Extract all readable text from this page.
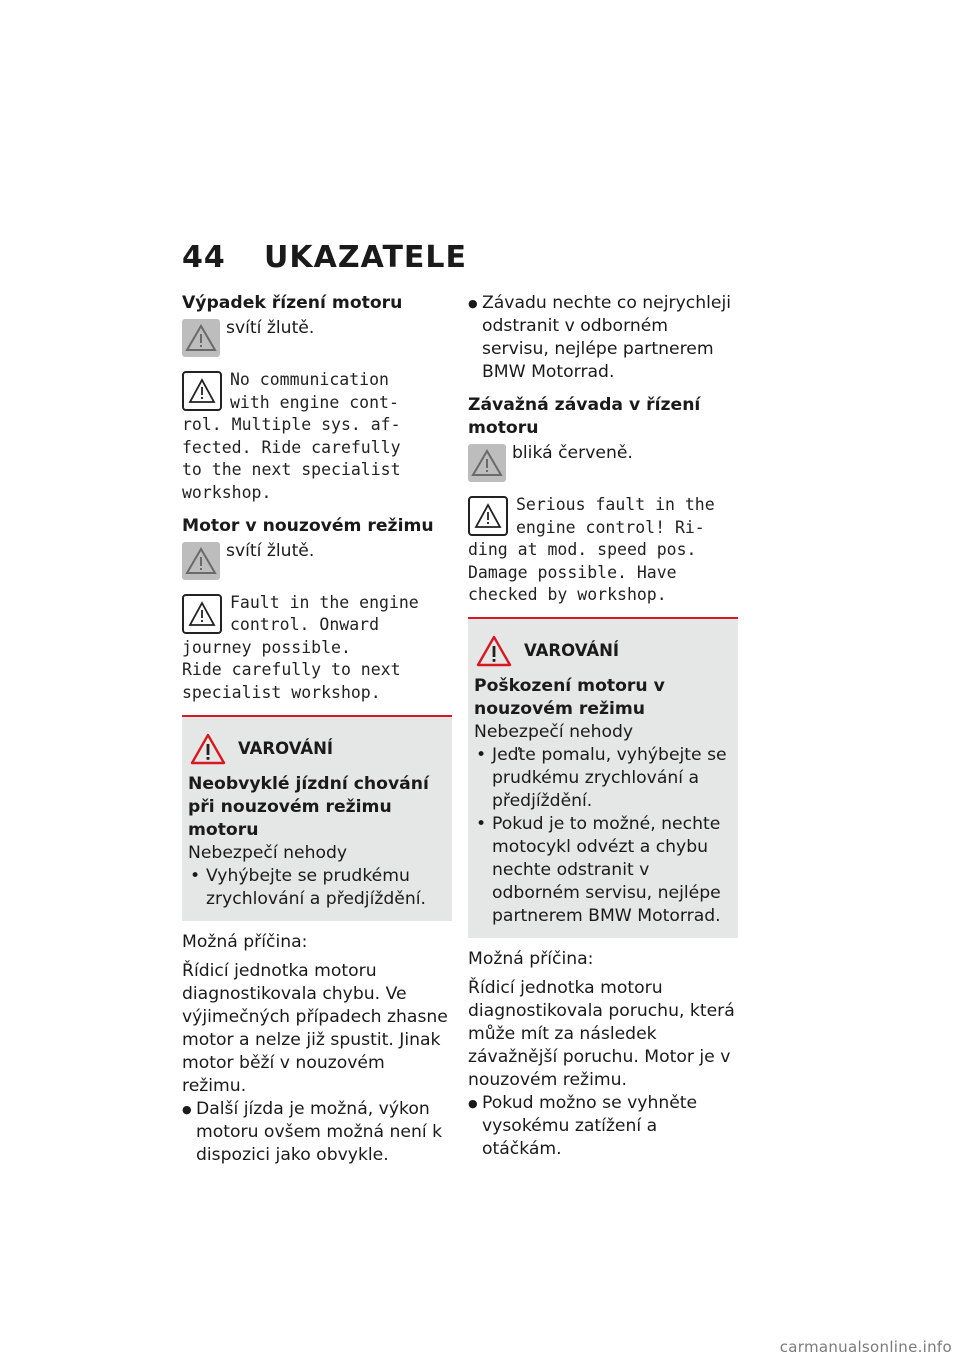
44 UKAZATELE

Výpadek řízení motoru

svítí žlutě.
No communication
with engine cont-
rol. Multiple sys. af-
fected. Ride carefully
to the next specialist
workshop.

Motor v nouzovém režimu

svítí žlutě.
Fault in the engine
control. Onward
journey possible.
Ride carefully to next
specialist workshop.
VAROVÁNÍ
Neobvyklé jízdní chování při nouzovém režimu motoru
Nebezpečí nehody
• Vyhýbejte se prudkému zrychlování a předjíždění.

Možná příčina:

Řídicí jednotka motoru diagnostikovala chybu. Ve výjimečných případech zhasne motor a nelze již spustit. Jinak motor běží v nouzovém režimu.

● Další jízda je možná, výkon motoru ovšem možná není k dispozici jako obvykle.
● Závadu nechte co nejrychleji odstranit v odborném servisu, nejlépe partnerem BMW Motorrad.

Závažná závada v řízení motoru

bliká červeně.
Serious fault in the
engine control! Ri-
ding at mod. speed pos.
Damage possible. Have
checked by workshop.
VAROVÁNÍ
Poškození motoru v nouzovém režimu
Nebezpečí nehody
• Jeďte pomalu, vyhýbejte se prudkému zrychlování a předjíždění.
• Pokud je to možné, nechte motocykl odvézt a chybu nechte odstranit v odborném servisu, nejlépe partnerem BMW Motorrad.

Možná příčina:

Řídicí jednotka motoru diagnostikovala poruchu, která může mít za následek závažnější poruchu. Motor je v nouzovém režimu.

● Pokud možno se vyhněte vysokému zatížení a otáčkám.
carmanualsonline.info
